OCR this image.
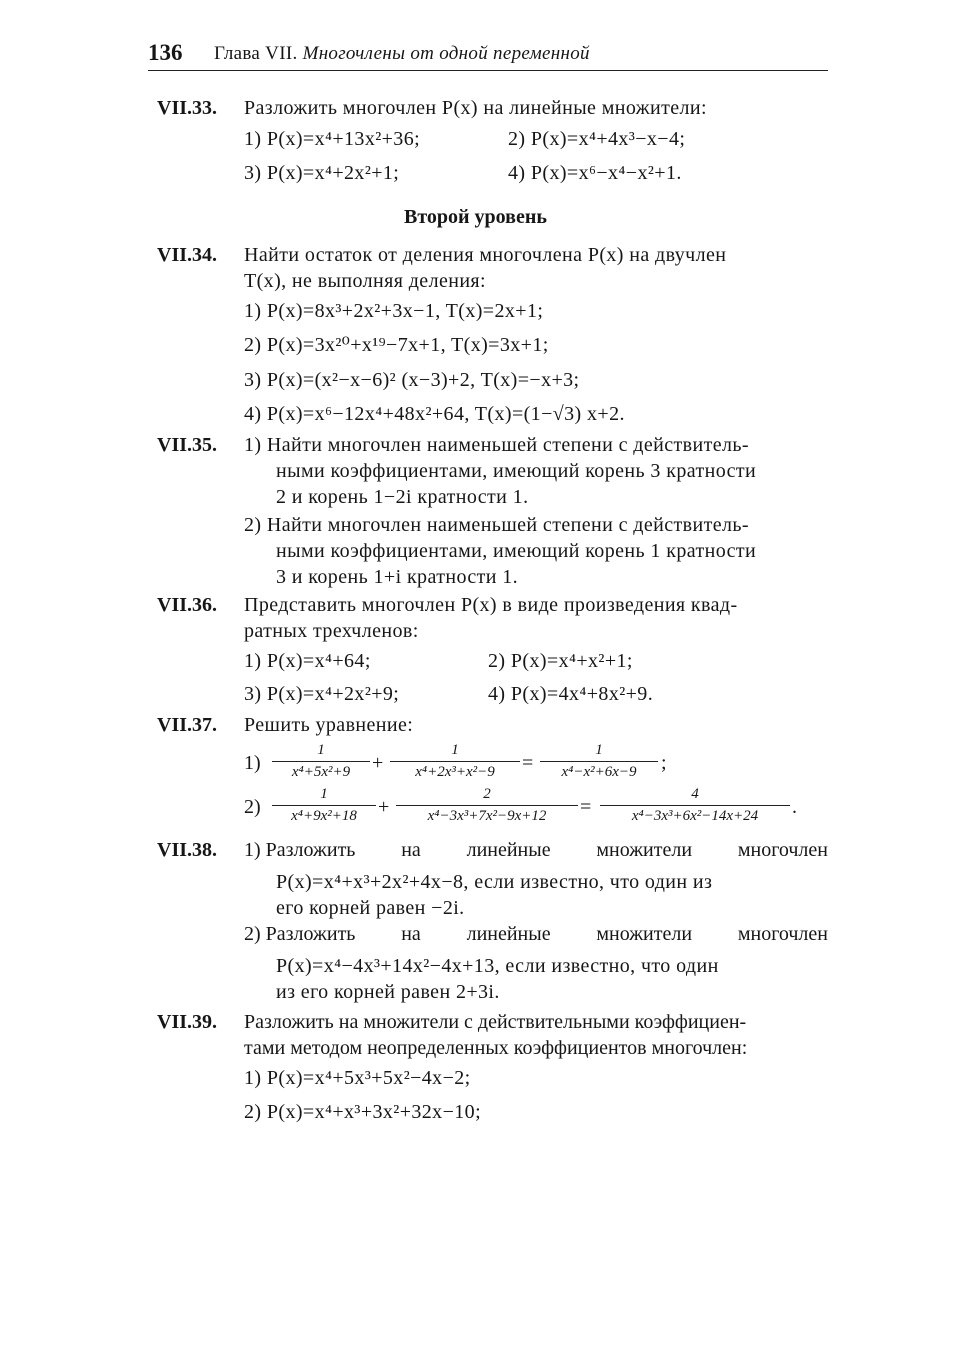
136 Глава VII. Многочлены от одной переменной
VII.33. Разложить многочлен P(x) на линейные множители:
1) P(x)=x⁴+13x²+36;	2) P(x)=x⁴+4x³−x−4;
3) P(x)=x⁴+2x²+1;	4) P(x)=x⁶−x⁴−x²+1.
Второй уровень
VII.34. Найти остаток от деления многочлена P(x) на двучлен
T(x), не выполняя деления:
1) P(x)=8x³+2x²+3x−1, T(x)=2x+1;
2) P(x)=3x²⁰+x¹⁹−7x+1, T(x)=3x+1;
3) P(x)=(x²−x−6)² (x−3)+2, T(x)=−x+3;
4) P(x)=x⁶−12x⁴+48x²+64, T(x)=(1−√3) x+2.
VII.35. 1) Найти многочлен наименьшей степени с действитель-
ными коэффициентами, имеющий корень 3 кратности
2 и корень 1−2i кратности 1.
2) Найти многочлен наименьшей степени с действитель-
ными коэффициентами, имеющий корень 1 кратности
3 и корень 1+i кратности 1.
VII.36. Представить многочлен P(x) в виде произведения квад-
ратных трехчленов:
1) P(x)=x⁴+64;	2) P(x)=x⁴+x²+1;
3) P(x)=x⁴+2x²+9;	4) P(x)=4x⁴+8x²+9.
VII.37. Решить уравнение:
$1) \frac{1}{\text{x⁴+5x²+9}} + \frac{1}{\text{x⁴+2x³+x²−9}} = \frac{1}{\text{x⁴−x²+6x−9}}$ ;
$2) \frac{1}{\text{x⁴+9x²+18}} + \frac{2}{\text{x⁴−3x³+7x²−9x+12}} = \frac{4}{\text{x⁴−3x³+6x²−14x+24}}$ .
VII.38. 1) Разложить на линейные множители многочлен
P(x)=x⁴+x³+2x²+4x−8, если известно, что один из
его корней равен −2i.
2) Разложить на линейные множители многочлен
P(x)=x⁴−4x³+14x²−4x+13, если известно, что один
из его корней равен 2+3i.
VII.39. Разложить на множители с действительными коэффициен-
тами методом неопределенных коэффициентов многочлен:
1) P(x)=x⁴+5x³+5x²−4x−2;
2) P(x)=x⁴+x³+3x²+32x−10;
